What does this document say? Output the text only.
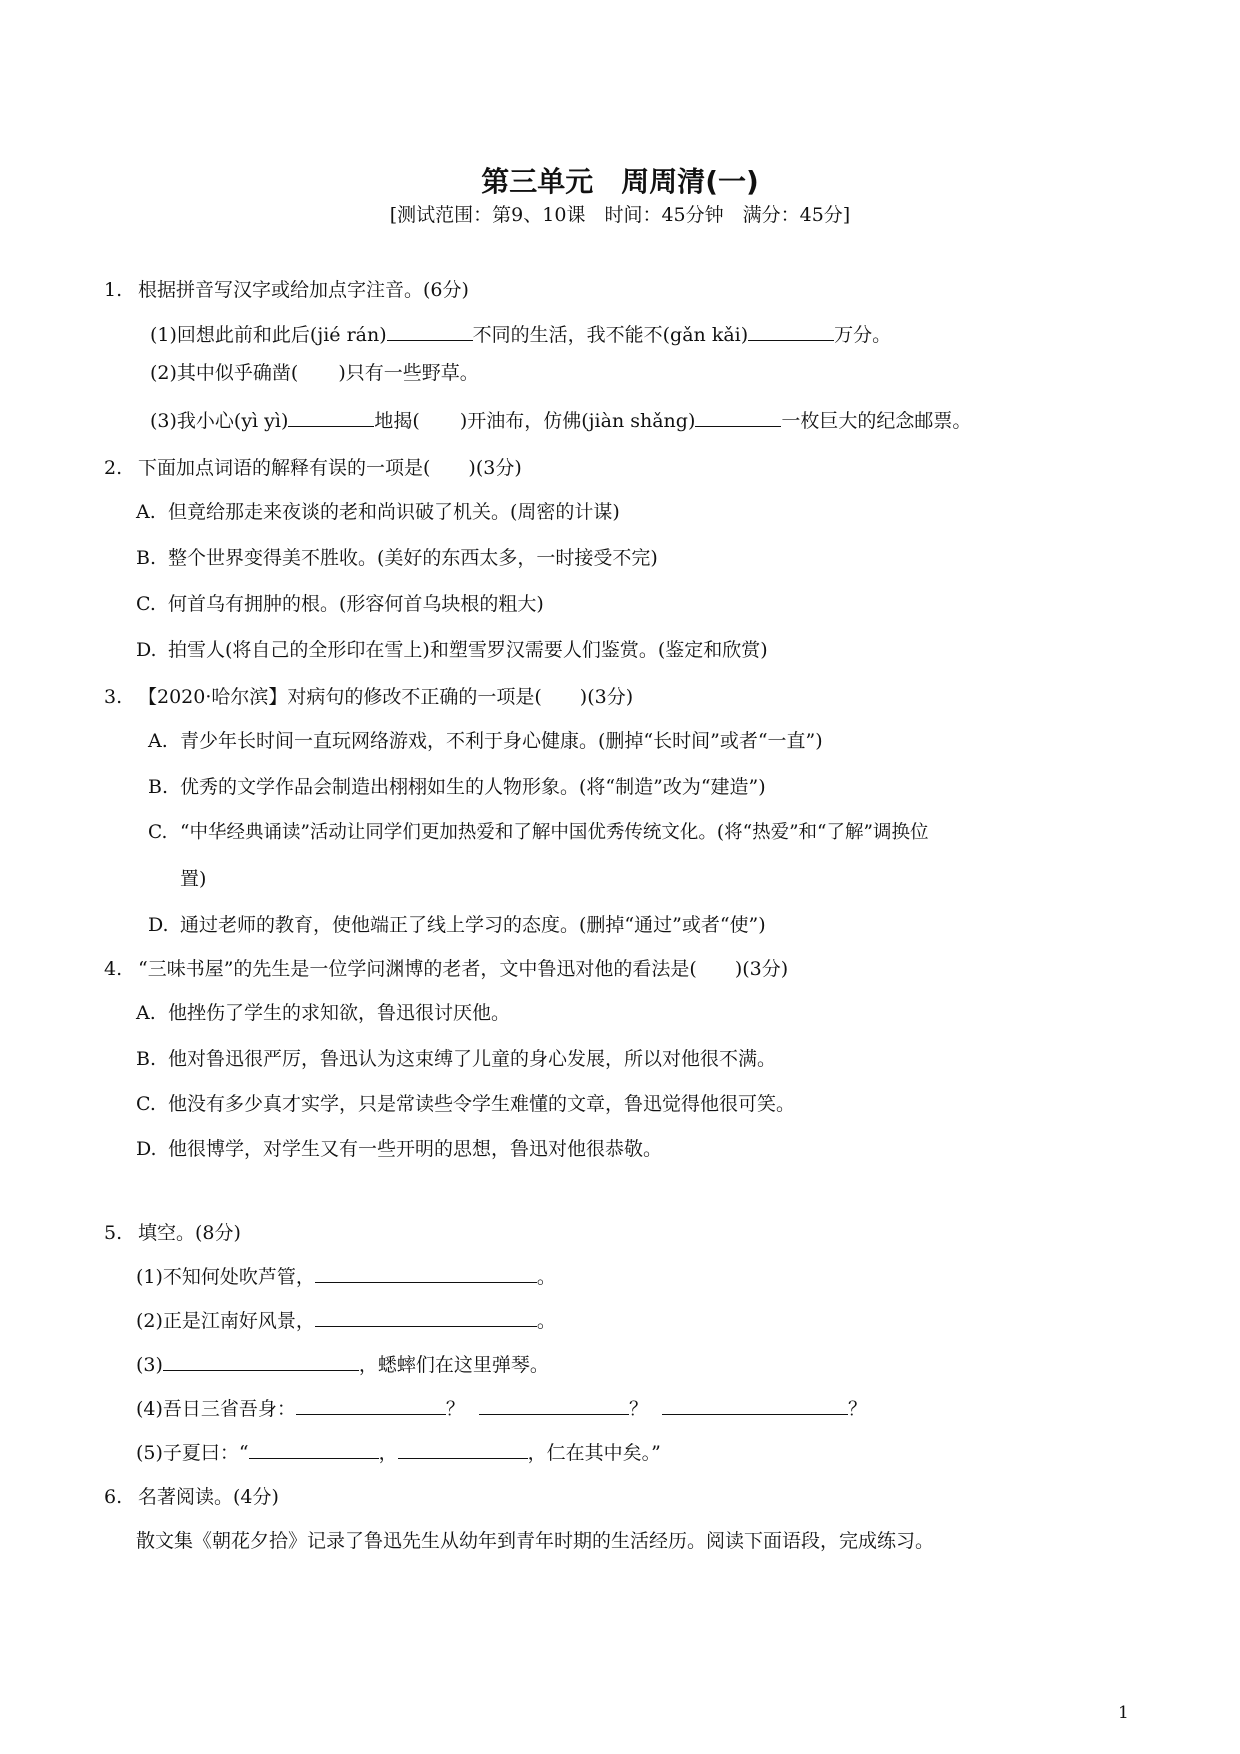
第三单元　周周清(一)
[测试范围：第9、10课　时间：45分钟　满分：45分]
1. 根据拼音写汉字或给加点字注音。(6分)
(1)回想此前和此后(jié rán)	不同的生活，我不能不(gǎn kǎi)	万分。
(2)其中似乎确凿( )只有一些野草。
(3)我小心(yì yì)	地揭( )开油布，仿佛(jiàn shǎng)	一枚巨大的纪念邮票。
2. 下面加点词语的解释有误的一项是(　　)(3分)
A. 但竟给那走来夜谈的老和尚识破了机关。(周密的计谋)
B. 整个世界变得美不胜收。(美好的东西太多，一时接受不完)
C. 何首乌有拥肿的根。(形容何首乌块根的粗大)
D. 拍雪人(将自己的全形印在雪上)和塑雪罗汉需要人们鉴赏。(鉴定和欣赏)
3. 【2020·哈尔滨】对病句的修改不正确的一项是(　　)(3分)
A. 青少年长时间一直玩网络游戏，不利于身心健康。(删掉“长时间”或者“一直”)
B. 优秀的文学作品会制造出栩栩如生的人物形象。(将“制造”改为“建造”)
C. “中华经典诵读”活动让同学们更加热爱和了解中国优秀传统文化。(将“热爱”和“了解”调换位
置)
D. 通过老师的教育，使他端正了线上学习的态度。(删掉“通过”或者“使”)
4. “三味书屋”的先生是一位学问渊博的老者，文中鲁迅对他的看法是(　　)(3分)
A. 他挫伤了学生的求知欲，鲁迅很讨厌他。
B. 他对鲁迅很严厉，鲁迅认为这束缚了儿童的身心发展，所以对他很不满。
C. 他没有多少真才实学，只是常读些令学生难懂的文章，鲁迅觉得他很可笑。
D. 他很博学，对学生又有一些开明的思想，鲁迅对他很恭敬。
5. 填空。(8分)
(1)不知何处吹芦管，	。
(2)正是江南好风景，	。
(3)	，蟋蟀们在这里弹琴。
(4)吾日三省吾身：	？	？	？
(5)子夏曰：“	，	，仁在其中矣。”
6. 名著阅读。(4分)
散文集《朝花夕拾》记录了鲁迅先生从幼年到青年时期的生活经历。阅读下面语段，完成练习。
1
